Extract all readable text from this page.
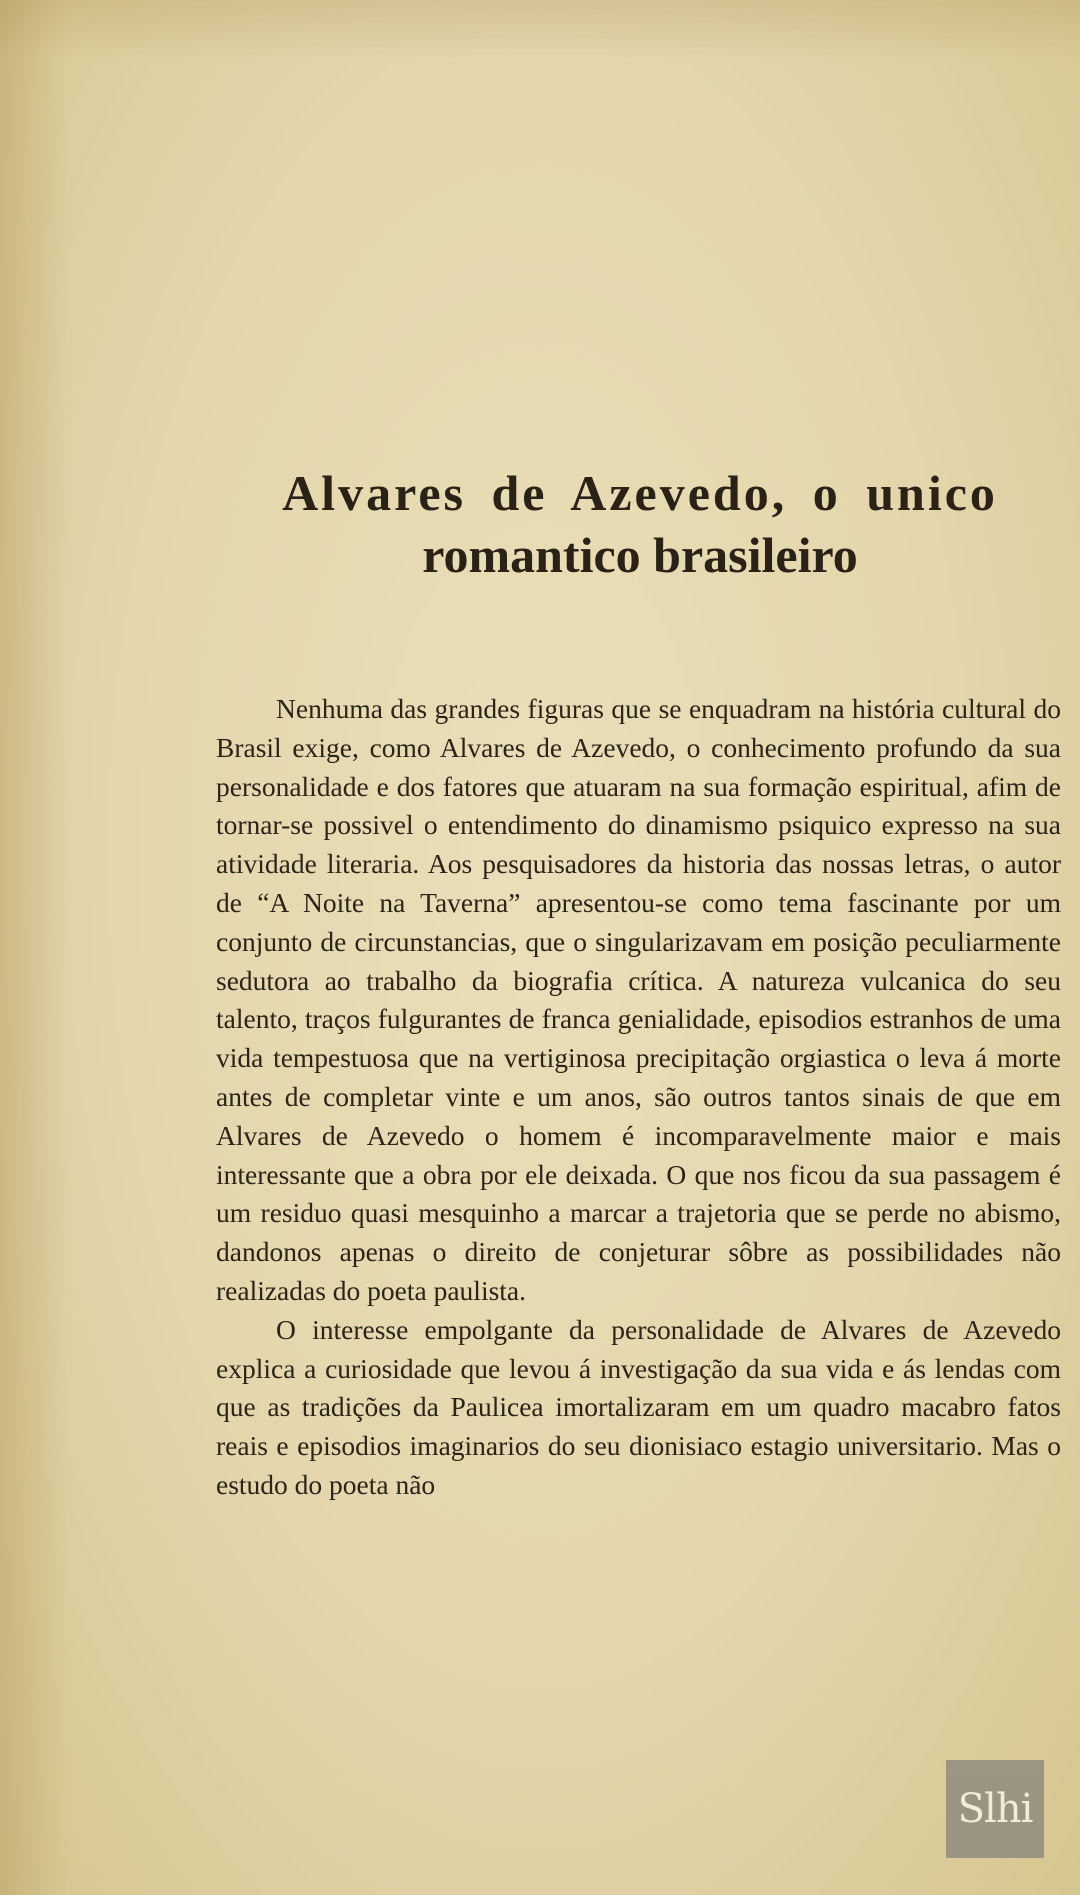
Alvares de Azevedo, o unico
romantico brasileiro

Nenhuma das grandes figuras que se enquadram na história cultural do Brasil exige, como Alvares de Azevedo, o conhecimento profundo da sua personalidade e dos fatores que atuaram na sua formação espiritual, afim de tornar-se possivel o entendimento do dinamismo psiquico expresso na sua atividade literaria. Aos pesquisadores da historia das nossas letras, o autor de “A Noite na Taverna” apresentou-se como tema fascinante por um conjunto de circunstancias, que o singularizavam em posição peculiarmente sedutora ao trabalho da biografia crítica. A natureza vulcanica do seu talento, traços fulgurantes de franca genialidade, episodios estranhos de uma vida tempestuosa que na vertiginosa precipitação orgiastica o leva á morte antes de completar vinte e um anos, são outros tantos sinais de que em Alvares de Azevedo o homem é incomparavelmente maior e mais interessante que a obra por ele deixada. O que nos ficou da sua passagem é um residuo quasi mesquinho a marcar a trajetoria que se perde no abismo, dandonos apenas o direito de conjeturar sôbre as possibilidades não realizadas do poeta paulista.

O interesse empolgante da personalidade de Alvares de Azevedo explica a curiosidade que levou á investigação da sua vida e ás lendas com que as tradições da Paulicea imortalizaram em um quadro macabro fatos reais e episodios imaginarios do seu dionisiaco estagio universitario. Mas o estudo do poeta não

Slhi
